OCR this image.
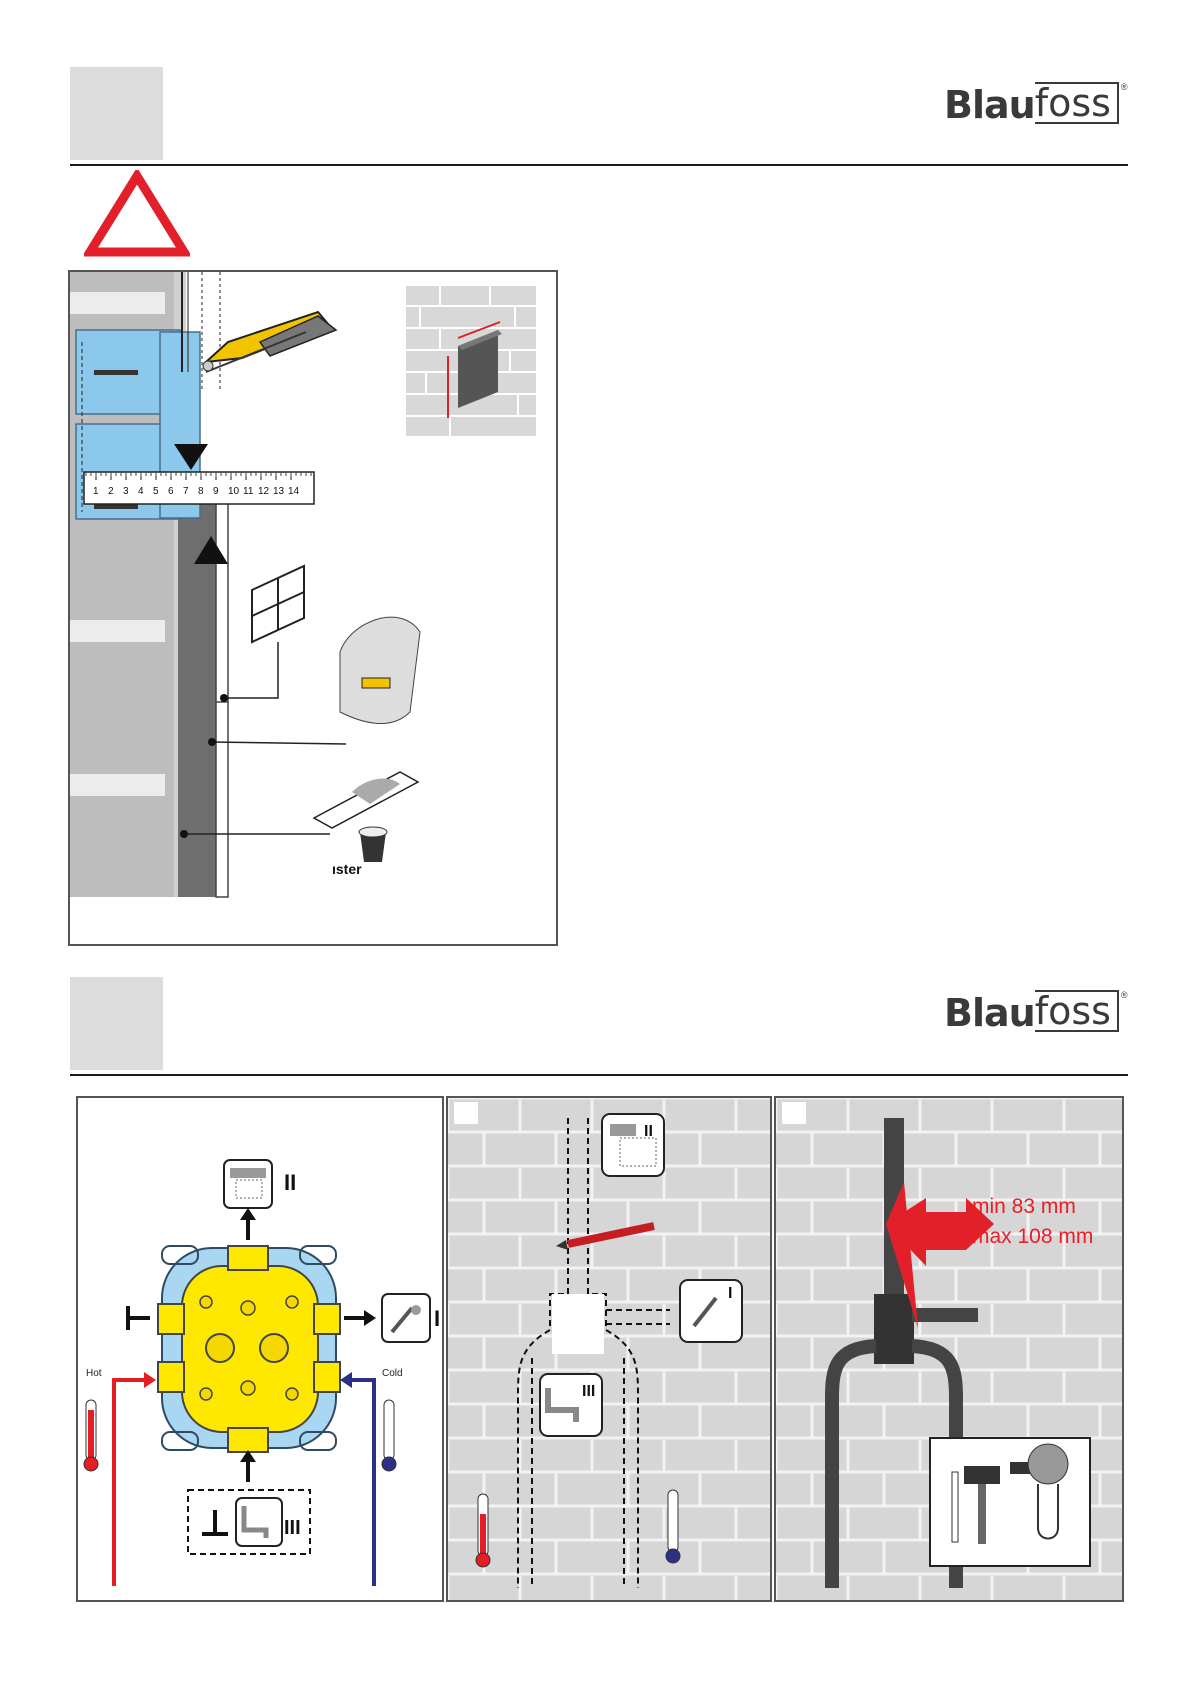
Blau foss	®
1 2 3 4 5 6 7 8 9 10 11 12 13 14
ıster
Blau foss	®
II
I
Hot	Cold
III
II
I
III
min 83 mm
max 108 mm
